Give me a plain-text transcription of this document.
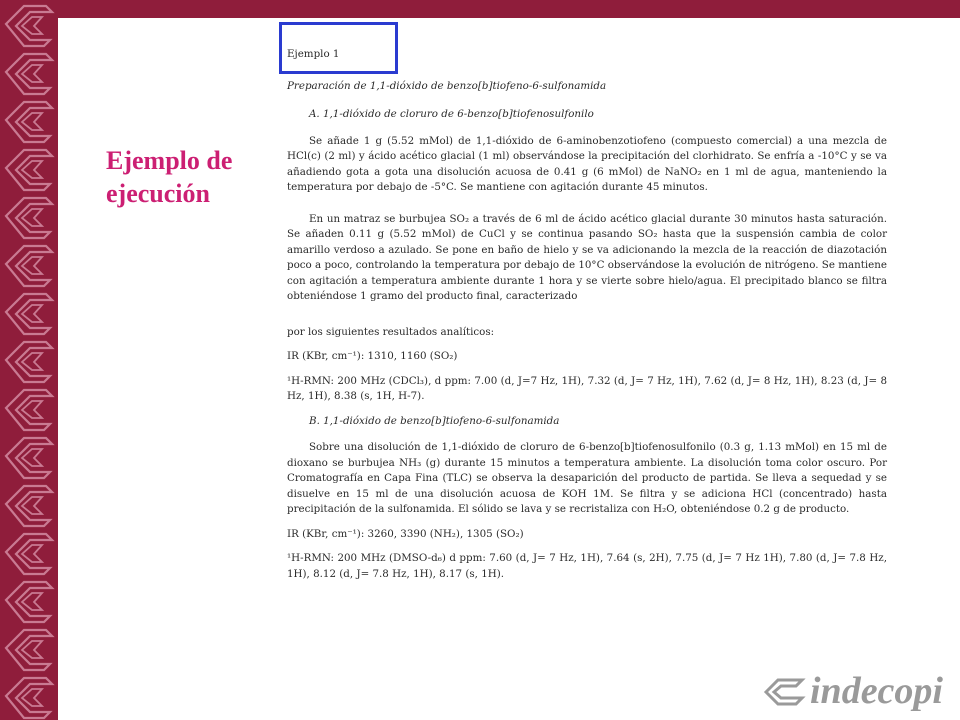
Ejemplo de ejecución

Ejemplo 1

Preparación de 1,1-dióxido de benzo[b]tiofeno-6-sulfonamida

A. 1,1-dióxido de cloruro de 6-benzo[b]tiofenosulfonilo

Se añade 1 g (5.52 mMol) de 1,1-dióxido de 6-aminobenzotiofeno (compuesto comercial) a una mezcla de HCl(c) (2 ml) y ácido acético glacial (1 ml) observándose la precipitación del clorhidrato. Se enfría a -10°C y se va añadiendo gota a gota una disolución acuosa de 0.41 g (6 mMol) de NaNO₂ en 1 ml de agua, manteniendo la temperatura por debajo de -5°C. Se mantiene con agitación durante 45 minutos.

En un matraz se burbujea SO₂ a través de 6 ml de ácido acético glacial durante 30 minutos hasta saturación. Se añaden 0.11 g (5.52 mMol) de CuCl y se continua pasando SO₂ hasta que la suspensión cambia de color amarillo verdoso a azulado. Se pone en baño de hielo y se va adicionando la mezcla de la reacción de diazotación poco a poco, controlando la temperatura por debajo de 10°C observándose la evolución de nitrógeno. Se mantiene con agitación a temperatura ambiente durante 1 hora y se vierte sobre hielo/agua. El precipitado blanco se filtra obteniéndose 1 gramo del producto final, caracterizado

por los siguientes resultados analíticos:

IR (KBr, cm⁻¹): 1310, 1160 (SO₂)

¹H-RMN: 200 MHz (CDCl₃), d ppm: 7.00 (d, J=7 Hz, 1H), 7.32 (d, J= 7 Hz, 1H), 7.62 (d, J= 8 Hz, 1H), 8.23 (d, J= 8 Hz, 1H), 8.38 (s, 1H, H-7).

B. 1,1-dióxido de benzo[b]tiofeno-6-sulfonamida

Sobre una disolución de 1,1-dióxido de cloruro de 6-benzo[b]tiofenosulfonilo (0.3 g, 1.13 mMol) en 15 ml de dioxano se burbujea NH₃ (g) durante 15 minutos a temperatura ambiente. La disolución toma color oscuro. Por Cromatografía en Capa Fina (TLC) se observa la desaparición del producto de partida. Se lleva a sequedad y se disuelve en 15 ml de una disolución acuosa de KOH 1M. Se filtra y se adiciona HCl (concentrado) hasta precipitación de la sulfonamida. El sólido se lava y se recristaliza con H₂O, obteniéndose 0.2 g de producto.

IR (KBr, cm⁻¹): 3260, 3390 (NH₂), 1305 (SO₂)

¹H-RMN: 200 MHz (DMSO-d₆) d ppm: 7.60 (d, J= 7 Hz, 1H), 7.64 (s, 2H), 7.75 (d, J= 7 Hz 1H), 7.80 (d, J= 7.8 Hz, 1H), 8.12 (d, J= 7.8 Hz, 1H), 8.17 (s, 1H).

indecopi
